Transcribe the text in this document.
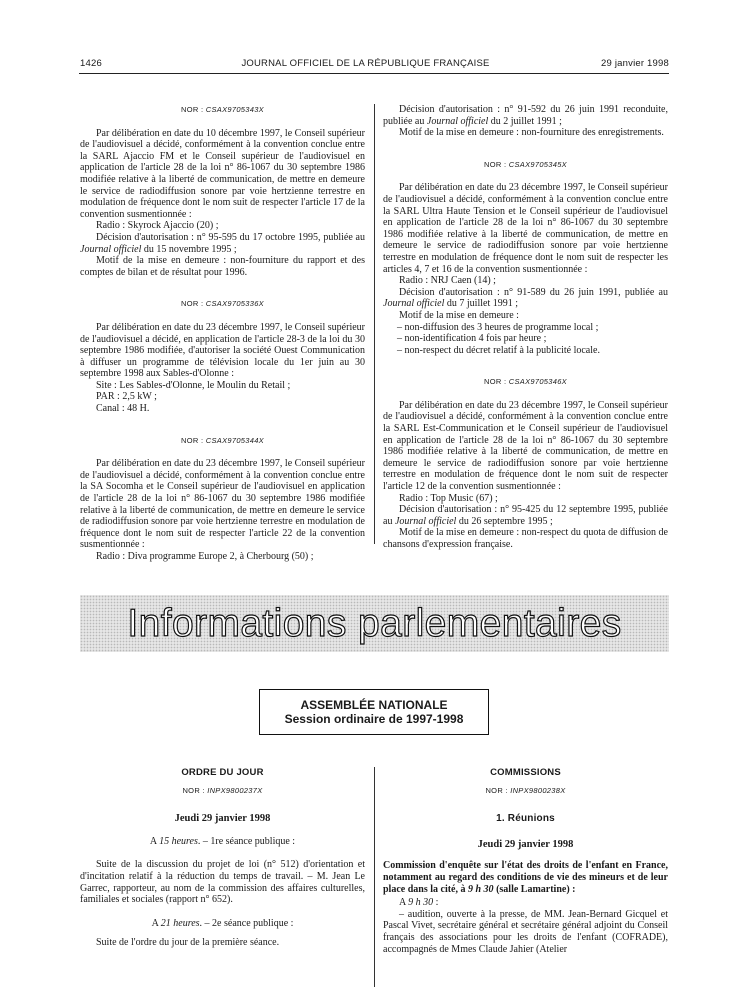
1426	JOURNAL OFFICIEL DE LA RÉPUBLIQUE FRANÇAISE	29 janvier 1998
NOR : CSAX9705343X

Par délibération en date du 10 décembre 1997, le Conseil supérieur de l'audiovisuel a décidé, conformément à la convention conclue entre la SARL Ajaccio FM et le Conseil supérieur de l'audiovisuel en application de l'article 28 de la loi n° 86-1067 du 30 septembre 1986 modifiée relative à la liberté de communication, de mettre en demeure le service de radiodiffusion sonore par voie hertzienne terrestre en modulation de fréquence dont le nom suit de respecter l'article 17 de la convention susmentionnée :

Radio : Skyrock Ajaccio (20) ;

Décision d'autorisation : n° 95-595 du 17 octobre 1995, publiée au Journal officiel du 15 novembre 1995 ;

Motif de la mise en demeure : non-fourniture du rapport et des comptes de bilan et de résultat pour 1996.

NOR : CSAX9705336X

Par délibération en date du 23 décembre 1997, le Conseil supérieur de l'audiovisuel a décidé, en application de l'article 28-3 de la loi du 30 septembre 1986 modifiée, d'autoriser la société Ouest Communication à diffuser un programme de télévision locale du 1er juin au 30 septembre 1998 aux Sables-d'Olonne :

Site : Les Sables-d'Olonne, le Moulin du Retail ;

PAR : 2,5 kW ;

Canal : 48 H.

NOR : CSAX9705344X

Par délibération en date du 23 décembre 1997, le Conseil supérieur de l'audiovisuel a décidé, conformément à la convention conclue entre la SA Socomha et le Conseil supérieur de l'audiovisuel en application de l'article 28 de la loi n° 86-1067 du 30 septembre 1986 modifiée relative à la liberté de communication, de mettre en demeure le service de radiodiffusion sonore par voie hertzienne terrestre en modulation de fréquence dont le nom suit de respecter l'article 22 de la convention susmentionnée :

Radio : Diva programme Europe 2, à Cherbourg (50) ;

Décision d'autorisation : n° 91-592 du 26 juin 1991 reconduite, publiée au Journal officiel du 2 juillet 1991 ;

Motif de la mise en demeure : non-fourniture des enregistrements.

NOR : CSAX9705345X

Par délibération en date du 23 décembre 1997, le Conseil supérieur de l'audiovisuel a décidé, conformément à la convention conclue entre la SARL Ultra Haute Tension et le Conseil supérieur de l'audiovisuel en application de l'article 28 de la loi n° 86-1067 du 30 septembre 1986 modifiée relative à la liberté de communication, de mettre en demeure le service de radiodiffusion sonore par voie hertzienne terrestre en modulation de fréquence dont le nom suit de respecter les articles 4, 7 et 16 de la convention susmentionnée :

Radio : NRJ Caen (14) ;

Décision d'autorisation : n° 91-589 du 26 juin 1991, publiée au Journal officiel du 7 juillet 1991 ;

Motif de la mise en demeure :

– non-diffusion des 3 heures de programme local ;

– non-identification 4 fois par heure ;

– non-respect du décret relatif à la publicité locale.

NOR : CSAX9705346X

Par délibération en date du 23 décembre 1997, le Conseil supérieur de l'audiovisuel a décidé, conformément à la convention conclue entre la SARL Est-Communication et le Conseil supérieur de l'audiovisuel en application de l'article 28 de la loi n° 86-1067 du 30 septembre 1986 modifiée relative à la liberté de communication, de mettre en demeure le service de radiodiffusion sonore par voie hertzienne terrestre en modulation de fréquence dont le nom suit de respecter l'article 12 de la convention susmentionnée :

Radio : Top Music (67) ;

Décision d'autorisation : n° 95-425 du 12 septembre 1995, publiée au Journal officiel du 26 septembre 1995 ;

Motif de la mise en demeure : non-respect du quota de diffusion de chansons d'expression française.

Informations parlementaires
ASSEMBLÉE NATIONALE
Session ordinaire de 1997-1998
ORDRE DU JOUR
NOR : INPX9800237X
Jeudi 29 janvier 1998

A 15 heures. – 1re séance publique :

Suite de la discussion du projet de loi (n° 512) d'orientation et d'incitation relatif à la réduction du temps de travail. – M. Jean Le Garrec, rapporteur, au nom de la commission des affaires culturelles, familiales et sociales (rapport n° 652).

A 21 heures. – 2e séance publique :

Suite de l'ordre du jour de la première séance.

COMMISSIONS
NOR : INPX9800238X
1. Réunions
Jeudi 29 janvier 1998

Commission d'enquête sur l'état des droits de l'enfant en France, notamment au regard des conditions de vie des mineurs et de leur place dans la cité, à 9 h 30 (salle Lamartine) :

A 9 h 30 :

– audition, ouverte à la presse, de MM. Jean-Bernard Gicquel et Pascal Vivet, secrétaire général et secrétaire général adjoint du Conseil français des associations pour les droits de l'enfant (COFRADE), accompagnés de Mmes Claude Jahier (Atelier
